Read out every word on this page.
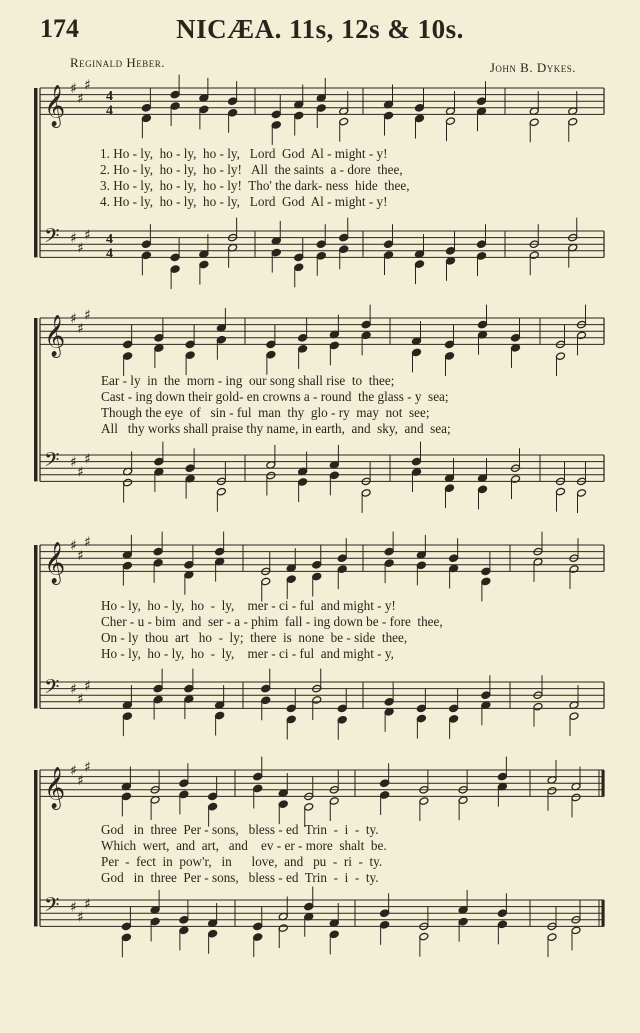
174	NICÆA. 11s, 12s & 10s.
Reginald Heber.	John B. Dykes.
𝄞 ♯
♯
♯
4
4
𝄢 ♯
♯
♯ 4
4
𝄞 ♯
♯
♯
𝄢 ♯
♯
♯
𝄞 ♯
♯
♯
𝄢 ♯
♯
♯
𝄞 ♯
♯
♯
𝄢 ♯
♯
♯
1. Ho - ly,  ho - ly,  ho - ly,   Lord  God  Al - might - y!
2. Ho - ly,  ho - ly,  ho - ly!   All  the saints  a - dore  thee,
3. Ho - ly,  ho - ly,  ho - ly!  Tho' the dark- ness  hide  thee,
4. Ho - ly,  ho - ly,  ho - ly,   Lord  God  Al - might - y!
Ear - ly  in  the  morn - ing  our song shall rise  to  thee;
Cast - ing down their gold- en crowns a - round  the glass - y  sea;
Though the eye  of   sin - ful  man  thy  glo - ry  may  not  see;
All   thy works shall praise thy name, in earth,  and  sky,  and  sea;
Ho - ly,  ho - ly,  ho  -  ly,    mer - ci - ful  and might - y!
Cher - u - bim  and  ser - a - phim  fall - ing down be - fore  thee,
On - ly  thou  art   ho  -  ly;  there  is  none  be - side  thee,
Ho - ly,  ho - ly,  ho  -  ly,    mer - ci - ful  and might - y,
God   in  three  Per - sons,   bless - ed  Trin  -  i  -  ty.
Which  wert,  and  art,   and    ev - er - more  shalt  be.
Per  -  fect  in  pow'r,   in      love,  and   pu  -  ri  -  ty.
God   in  three  Per - sons,   bless - ed  Trin  -  i  -  ty.
